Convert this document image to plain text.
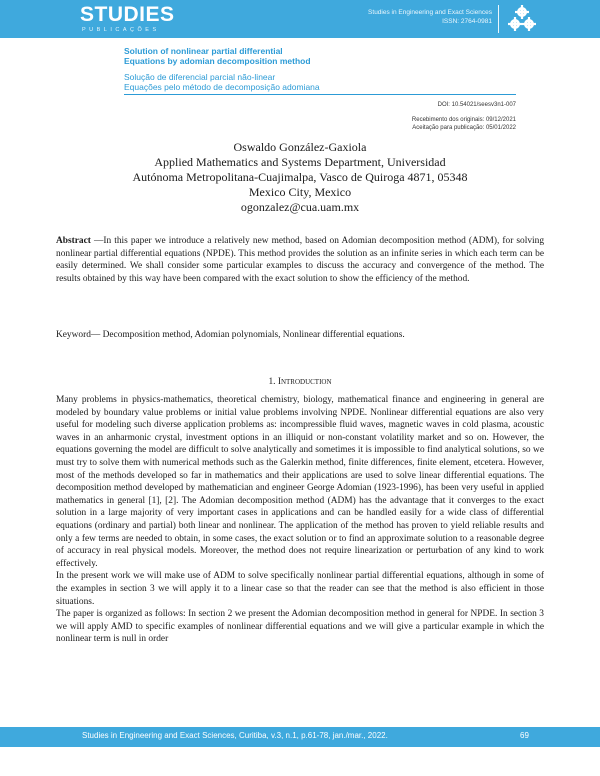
STUDIES
PUBLICAÇÕES
Studies in Engineering and Exact Sciences
ISSN: 2764-0981
Solution of nonlinear partial differential
Equations by adomian decomposition method
Solução de diferencial parcial não-linear
Equações pelo método de decomposição adomiana
DOI: 10.54021/seesv3n1-007
Recebimento dos originais: 09/12/2021
Aceitação para publicação: 05/01/2022
Oswaldo González-Gaxiola
Applied Mathematics and Systems Department, Universidad
Autónoma Metropolitana-Cuajimalpa, Vasco de Quiroga 4871, 05348
Mexico City, Mexico
ogonzalez@cua.uam.mx

Abstract —In this paper we introduce a relatively new method, based on Adomian decomposition method (ADM), for solving nonlinear partial differential equations (NPDE). This method provides the solution as an infinite series in which each term can be easily determined. We shall consider some particular examples to discuss the accuracy and convergence of the method. The results obtained by this way have been compared with the exact solution to show the efficiency of the method.

Keyword— Decomposition method, Adomian polynomials, Nonlinear differential equations.
1. Introduction

Many problems in physics-mathematics, theoretical chemistry, biology, mathematical finance and engineering in general are modeled by boundary value problems or initial value problems involving NPDE. Nonlinear differential equations are also very useful for modeling such diverse application problems as: incompressible fluid waves, magnetic waves in cold plasma, acoustic waves in an anharmonic crystal, investment options in an illiquid or non-constant volatility market and so on. However, the equations governing the model are difficult to solve analytically and sometimes it is impossible to find analytical solutions, so we must try to solve them with numerical methods such as the Galerkin method, finite differences, finite element, etcetera. However, most of the methods developed so far in mathematics and their applications are used to solve linear differential equations. The decomposition method developed by mathematician and engineer George Adomian (1923-1996), has been very useful in applied mathematics in general [1], [2]. The Adomian decomposition method (ADM) has the advantage that it converges to the exact solution in a large majority of very important cases in applications and can be handled easily for a wide class of differential equations (ordinary and partial) both linear and nonlinear. The application of the method has proven to yield reliable results and only a few terms are needed to obtain, in some cases, the exact solution or to find an approximate solution to a reasonable degree of accuracy in real physical models. Moreover, the method does not require linearization or perturbation of any kind to work effectively.

In the present work we will make use of ADM to solve specifically nonlinear partial differential equations, although in some of the examples in section 3 we will apply it to a linear case so that the reader can see that the method is also efficient in those situations.

The paper is organized as follows: In section 2 we present the Adomian decomposition method in general for NPDE. In section 3 we will apply AMD to specific examples of nonlinear differential equations and we will give a particular example in which the nonlinear term is null in order

Studies in Engineering and Exact Sciences, Curitiba, v.3, n.1, p.61-78, jan./mar., 2022.	69
